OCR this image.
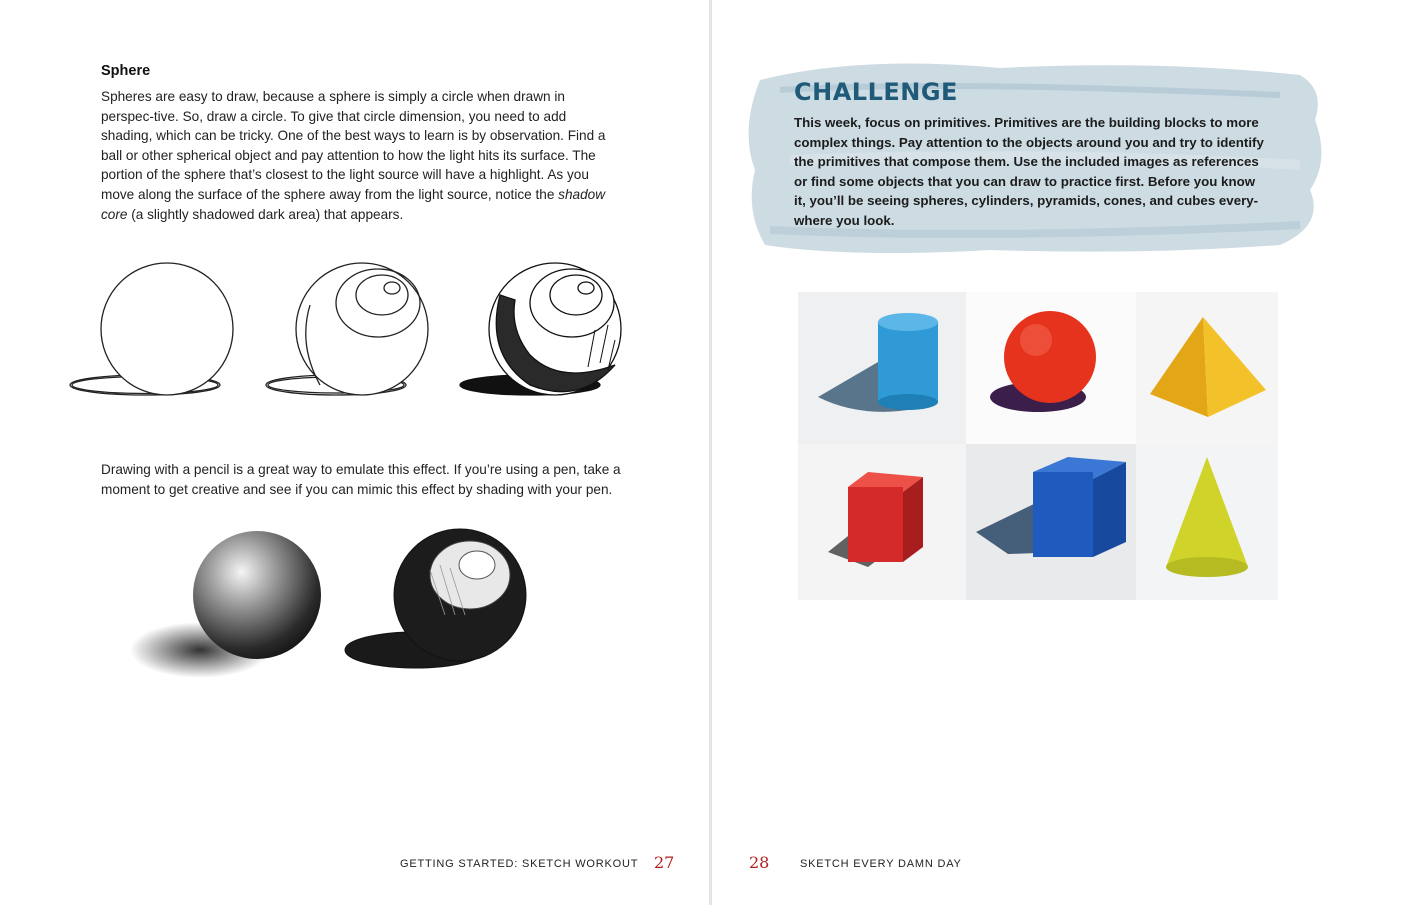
Sphere

Spheres are easy to draw, because a sphere is simply a circle when drawn in perspec-tive. So, draw a circle. To give that circle dimension, you need to add shading, which can be tricky. One of the best ways to learn is by observation. Find a ball or other spherical object and pay attention to how the light hits its surface. The portion of the sphere that’s closest to the light source will have a highlight. As you move along the surface of the sphere away from the light source, notice the shadow core (a slightly shadowed dark area) that appears.

Drawing with a pencil is a great way to emulate this effect. If you’re using a pen, take a moment to get creative and see if you can mimic this effect by shading with your pen.

GETTING STARTED: SKETCH WORKOUT 27
CHALLENGE

This week, focus on primitives. Primitives are the building blocks to more complex things. Pay attention to the objects around you and try to identify the primitives that compose them. Use the included images as references or find some objects that you can draw to practice first. Before you know it, you’ll be seeing spheres, cylinders, pyramids, cones, and cubes every-where you look.

28	SKETCH EVERY DAMN DAY
